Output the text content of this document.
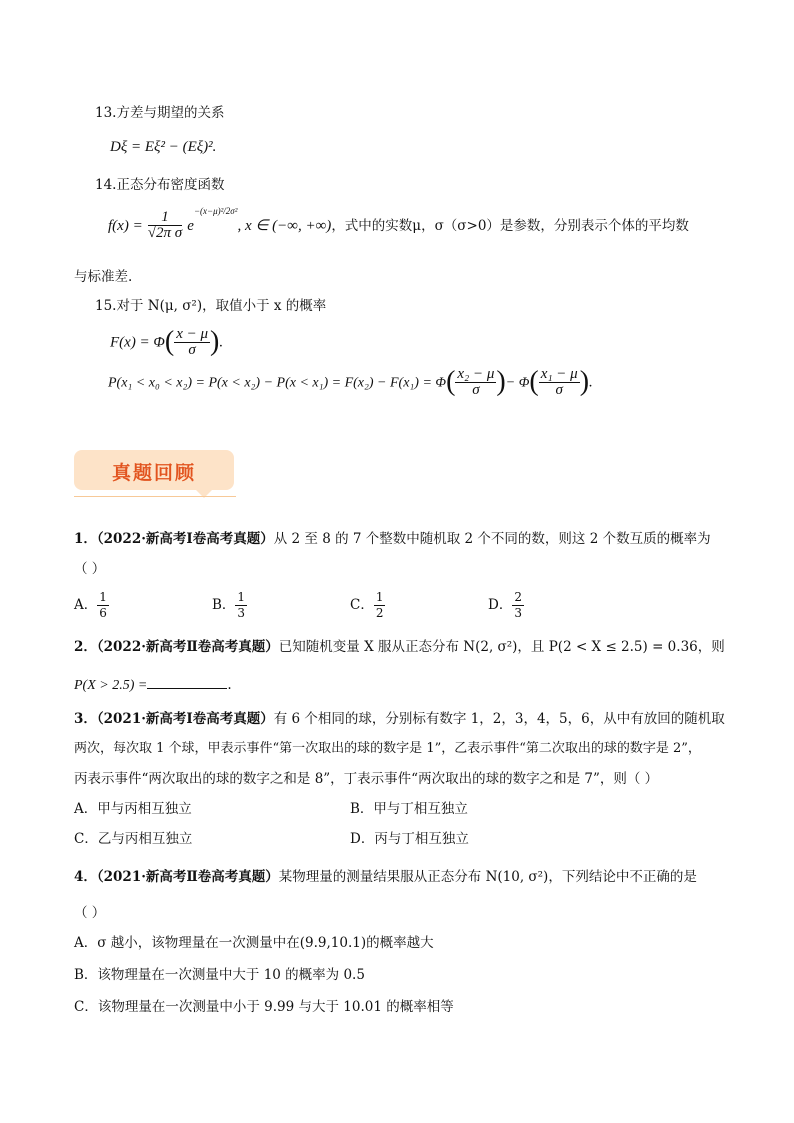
13.方差与期望的关系
Dξ = Eξ² − (Eξ)².
14.正态分布密度函数
$f(x) = \frac{1}{\text{√2π σ}} e^{-(x-\mu)^2/2\sigma^2}$, x ∈ (−∞, +∞)，式中的实数μ，σ（σ>0）是参数，分别表示个体的平均数
与标准差.
15.对于 N(μ, σ²)，取值小于 x 的概率
$F(x) = \Phi( \frac{x - \mu}{\sigma}$ ).
$P(x_1 < x_0 < x_2) = P(x < x_2) - P(x < x_1) = F(x_2) - F(x_1) = \Phi( \frac{\text{x₂ − μ}}{\sigma}$ )− $\Phi( \frac{\text{x₁ − μ}}{\sigma}$ ).
真题回顾
1．（2022·新高考Ⅰ卷高考真题）从 2 至 8 的 7 个整数中随机取 2 个不同的数，则这 2 个数互质的概率为
（ ）
A． $\frac{1}{6}$	B． $\frac{1}{3}$	C． $\frac{1}{2}$	D． $\frac{2}{3}$
2．（2022·新高考Ⅱ卷高考真题）已知随机变量 X 服从正态分布 N(2, σ²)，且 P(2 < X ≤ 2.5) = 0.36，则
P(X > 2.5) =	.
3．（2021·新高考Ⅰ卷高考真题）有 6 个相同的球，分别标有数字 1，2，3，4，5，6，从中有放回的随机取
两次，每次取 1 个球，甲表示事件“第一次取出的球的数字是 1”，乙表示事件“第二次取出的球的数字是 2”，
丙表示事件“两次取出的球的数字之和是 8”，丁表示事件“两次取出的球的数字之和是 7”，则（ ）
A．甲与丙相互独立	B．甲与丁相互独立
C．乙与丙相互独立	D．丙与丁相互独立
4．（2021·新高考Ⅱ卷高考真题）某物理量的测量结果服从正态分布 N(10, σ²)，下列结论中不正确的是
（ ）
A．σ 越小，该物理量在一次测量中在(9.9,10.1)的概率越大
B．该物理量在一次测量中大于 10 的概率为 0.5
C．该物理量在一次测量中小于 9.99 与大于 10.01 的概率相等
